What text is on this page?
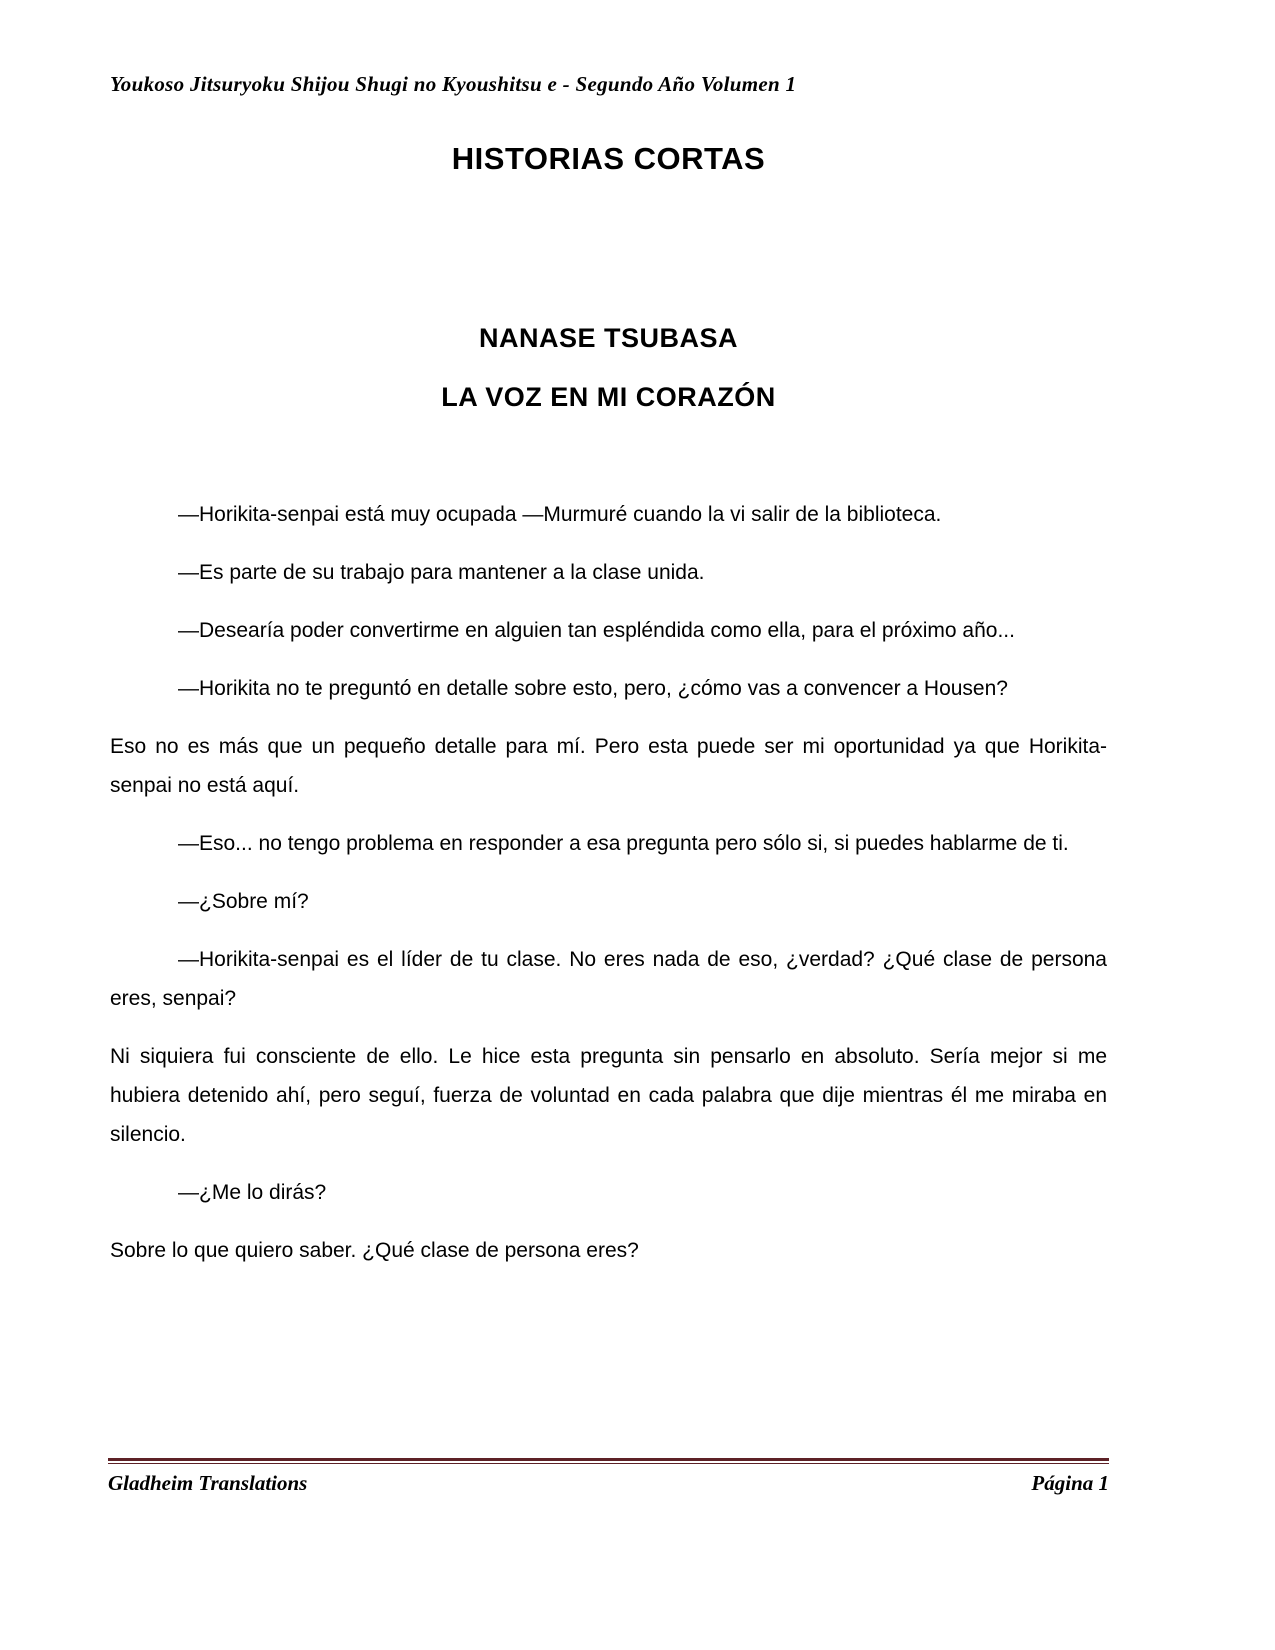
Youkoso Jitsuryoku Shijou Shugi no Kyoushitsu e - Segundo Año Volumen 1
HISTORIAS CORTAS
NANASE TSUBASA
LA VOZ EN MI CORAZÓN

—Horikita-senpai está muy ocupada —Murmuré cuando la vi salir de la biblioteca.

—Es parte de su trabajo para mantener a la clase unida.

—Desearía poder convertirme en alguien tan espléndida como ella, para el próximo año...

—Horikita no te preguntó en detalle sobre esto, pero, ¿cómo vas a convencer a Housen?

Eso no es más que un pequeño detalle para mí. Pero esta puede ser mi oportunidad ya que Horikita-senpai no está aquí.

—Eso... no tengo problema en responder a esa pregunta pero sólo si, si puedes hablarme de ti.

—¿Sobre mí?

—Horikita-senpai es el líder de tu clase. No eres nada de eso, ¿verdad? ¿Qué clase de persona eres, senpai?

Ni siquiera fui consciente de ello. Le hice esta pregunta sin pensarlo en absoluto. Sería mejor si me hubiera detenido ahí, pero seguí, fuerza de voluntad en cada palabra que dije mientras él me miraba en silencio.

—¿Me lo dirás?

Sobre lo que quiero saber. ¿Qué clase de persona eres?

Gladheim Translations	Página 1
